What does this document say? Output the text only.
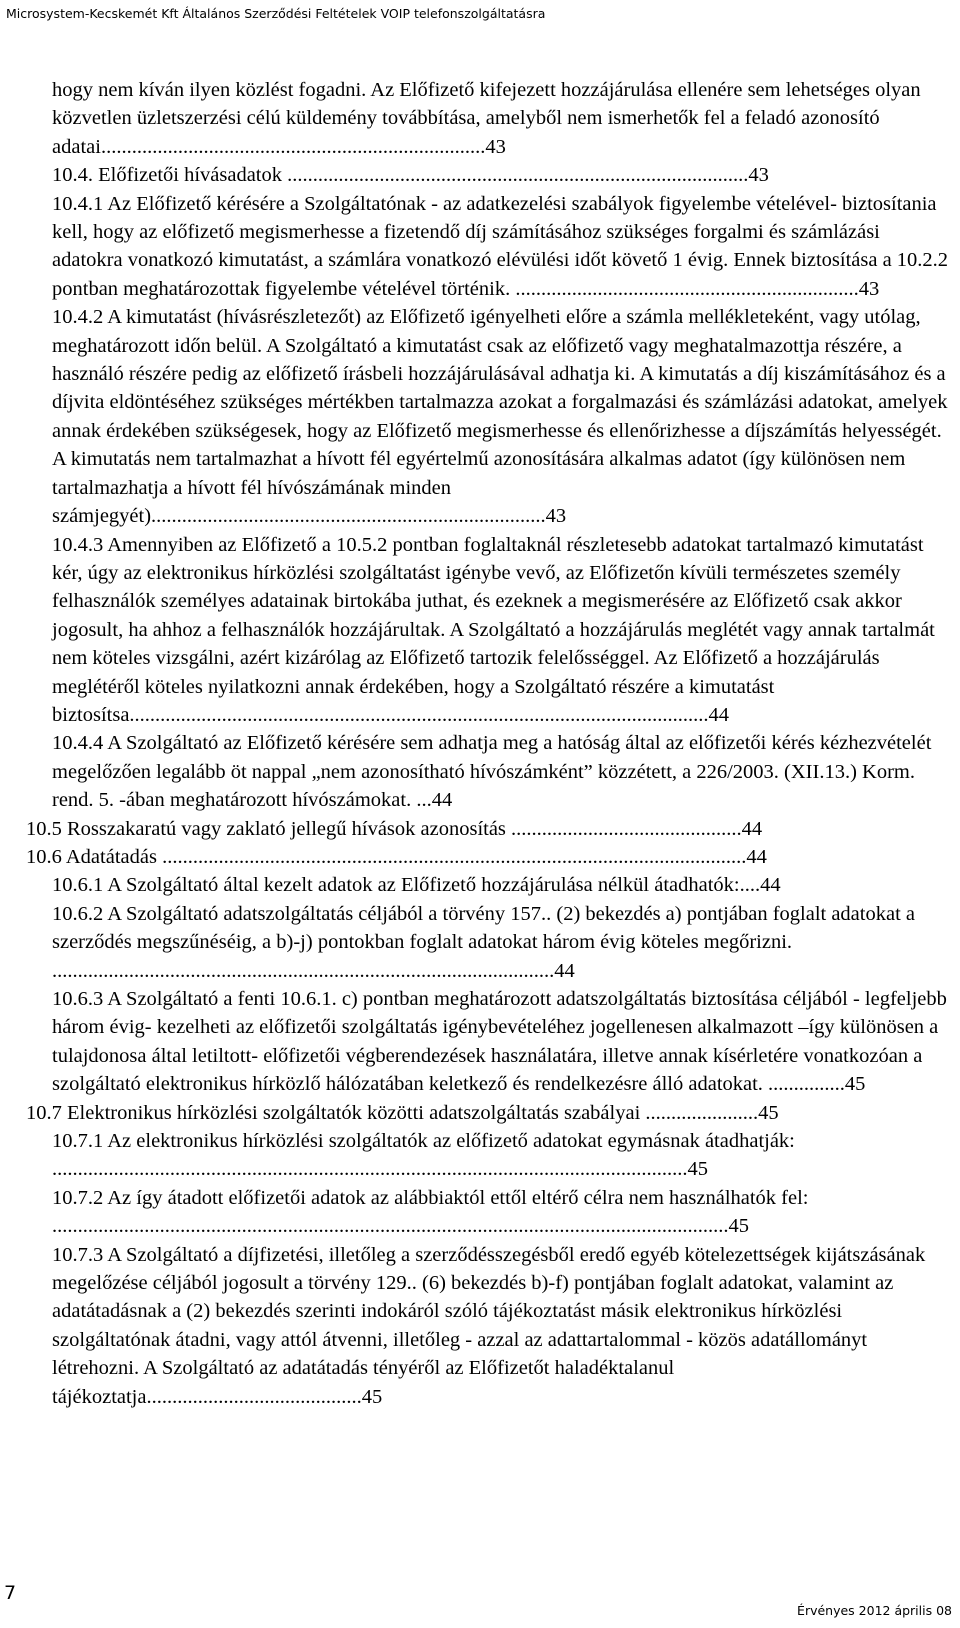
Microsystem-Kecskemét Kft Általános Szerződési Feltételek VOIP telefonszolgáltatásra

hogy nem kíván ilyen közlést fogadni. Az Előfizető kifejezett hozzájárulása ellenére sem lehetséges olyan közvetlen üzletszerzési célú küldemény továbbítása, amelyből nem ismerhetők fel a feladó azonosító adatai...........................................................................43

10.4. Előfizetői hívásadatok ..........................................................................................43

10.4.1 Az Előfizető kérésére a Szolgáltatónak - az adatkezelési szabályok figyelembe vételével- biztosítania kell, hogy az előfizető megismerhesse a fizetendő díj számításához szükséges forgalmi és számlázási adatokra vonatkozó kimutatást, a számlára vonatkozó elévülési időt követő 1 évig. Ennek biztosítása a 10.2.2 pontban meghatározottak figyelembe vételével történik. ...................................................................43

10.4.2 A kimutatást (hívásrészletezőt) az Előfizető igényelheti előre a számla mellékleteként, vagy utólag, meghatározott időn belül. A Szolgáltató a kimutatást csak az előfizető vagy meghatalmazottja részére, a használó részére pedig az előfizető írásbeli hozzájárulásával adhatja ki. A kimutatás a díj kiszámításához és a díjvita eldöntéséhez szükséges mértékben tartalmazza azokat a forgalmazási és számlázási adatokat, amelyek annak érdekében szükségesek, hogy az Előfizető megismerhesse és ellenőrizhesse a díjszámítás helyességét. A kimutatás nem tartalmazhat a hívott fél egyértelmű azonosítására alkalmas adatot (így különösen nem tartalmazhatja a hívott fél hívószámának minden számjegyét).............................................................................43

10.4.3 Amennyiben az Előfizető a 10.5.2 pontban foglaltaknál részletesebb adatokat tartalmazó kimutatást kér, úgy az elektronikus hírközlési szolgáltatást igénybe vevő, az Előfizetőn kívüli természetes személy felhasználók személyes adatainak birtokába juthat, és ezeknek a megismerésére az Előfizető csak akkor jogosult, ha ahhoz a felhasználók hozzájárultak. A Szolgáltató a hozzájárulás meglétét vagy annak tartalmát nem köteles vizsgálni, azért kizárólag az Előfizető tartozik felelősséggel. Az Előfizető a hozzájárulás meglétéről köteles nyilatkozni annak érdekében, hogy a Szolgáltató részére a kimutatást biztosítsa.................................................................................................................44

10.4.4 A Szolgáltató az Előfizető kérésére sem adhatja meg a hatóság által az előfizetői kérés kézhezvételét megelőzően legalább öt nappal „nem azonosítható hívószámként” közzétett, a 226/2003. (XII.13.) Korm. rend. 5. -ában meghatározott hívószámokat. ...44

10.5 Rosszakaratú vagy zaklató jellegű hívások azonosítás .............................................44

10.6 Adatátadás ..................................................................................................................44

10.6.1 A Szolgáltató által kezelt adatok az Előfizető hozzájárulása nélkül átadhatók:....44

10.6.2 A Szolgáltató adatszolgáltatás céljából a törvény 157.. (2) bekezdés a) pontjában foglalt adatokat a szerződés megszűnéséig, a b)-j) pontokban foglalt adatokat három évig köteles megőrizni. ..................................................................................................44

10.6.3 A Szolgáltató a fenti 10.6.1. c) pontban meghatározott adatszolgáltatás biztosítása céljából - legfeljebb három évig- kezelheti az előfizetői szolgáltatás igénybevételéhez jogellenesen alkalmazott –így különösen a tulajdonosa által letiltott- előfizetői végberendezések használatára, illetve annak kísérletére vonatkozóan a szolgáltató elektronikus hírközlő hálózatában keletkező és rendelkezésre álló adatokat. ...............45

10.7 Elektronikus hírközlési szolgáltatók közötti adatszolgáltatás szabályai ......................45

10.7.1 Az elektronikus hírközlési szolgáltatók az előfizető adatokat egymásnak átadhatják: ............................................................................................................................45

10.7.2 Az így átadott előfizetői adatok az alábbiaktól ettől eltérő célra nem használhatók fel: ....................................................................................................................................45

10.7.3 A Szolgáltató a díjfizetési, illetőleg a szerződésszegésből eredő egyéb kötelezettségek kijátszásának megelőzése céljából jogosult a törvény 129.. (6) bekezdés b)-f) pontjában foglalt adatokat, valamint az adatátadásnak a (2) bekezdés szerinti indokáról szóló tájékoztatást másik elektronikus hírközlési szolgáltatónak átadni, vagy attól átvenni, illetőleg - azzal az adattartalommal - közös adatállományt létrehozni. A Szolgáltató az adatátadás tényéről az Előfizetőt haladéktalanul tájékoztatja..........................................45

7
Érvényes 2012 április 08
